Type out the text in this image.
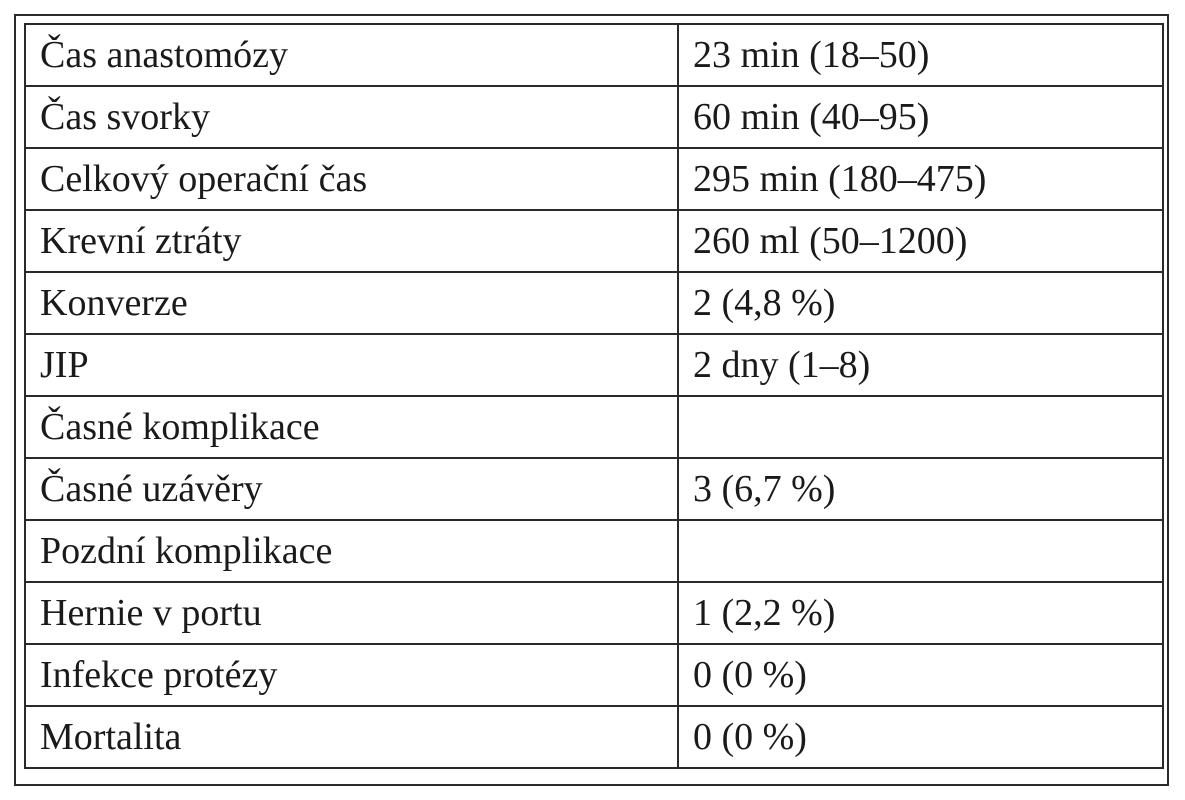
Čas anastomózy	23 min (18–50)
Čas svorky	60 min (40–95)
Celkový operační čas	295 min (180–475)
Krevní ztráty	260 ml (50–1200)
Konverze	2 (4,8 %)
JIP	2 dny (1–8)
Časné komplikace	
Časné uzávěry	3 (6,7 %)
Pozdní komplikace	
Hernie v portu	1 (2,2 %)
Infekce protézy	0 (0 %)
Mortalita	0 (0 %)
